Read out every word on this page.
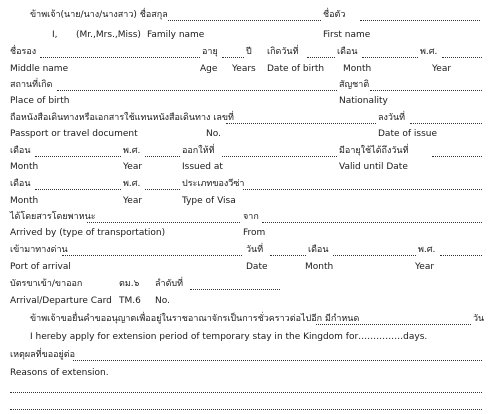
ข้าพเจ้า(นาย/นาง/นางสาว) ชื่อสกุล	ชื่อตัว
I, (Mr.,Mrs.,Miss) Family name	First name
ชื่อรอง	อายุ	ปี เกิดวันที่	เดือน	พ.ศ.
Middle name	Age Years Date of birth Month	Year
สถานที่เกิด	สัญชาติ
Place of birth	Nationality
ถือหนังสือเดินทางหรือเอกสารใช้แทนหนังสือเดินทาง เลขที่	ลงวันที่
Passport or travel document	No.	Date of issue
เดือน	พ.ศ.	ออกให้ที่	มีอายุใช้ได้ถึงวันที่
Month	Year	Issued at	Valid until Date
เดือน	พ.ศ.	ประเภทของวีซ่า
Month	Year	Type of Visa
ได้โดยสารโดยพาหนะ	จาก
Arrived by (type of transportation)	From
เข้ามาทางด่าน	วันที่	เดือน	พ.ศ.
Port of arrival	Date	Month	Year
บัตรขาเข้า/ขาออก	ตม.๖ ลำดับที่
Arrival/Departure Card TM.6 No.
ข้าพเจ้าขอยื่นคำขออนุญาตเพื่ออยู่ในราชอาณาจักรเป็นการชั่วคราวต่อไปอีก มีกำหนด	วัน
I hereby apply for extension period of temporary stay in the Kingdom for……………days.
เหตุผลที่ขออยู่ต่อ
Reasons of extension.
